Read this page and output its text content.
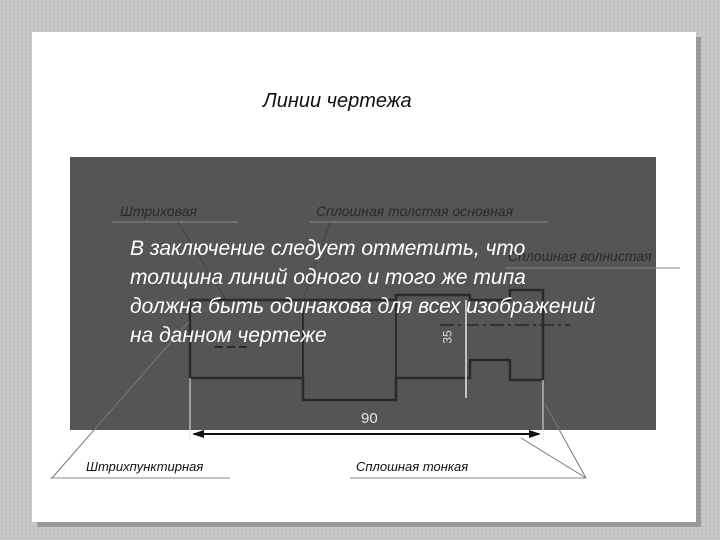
Линии чертежа
Штриховая	Сплошная толстая основная
Сплошная волнистая
Штрихпунктирная	Сплошная тонкая
90
35
В заключение следует отметить, что толщина линий одного и того же типа должна быть одинакова для всех изображений на данном чертеже
